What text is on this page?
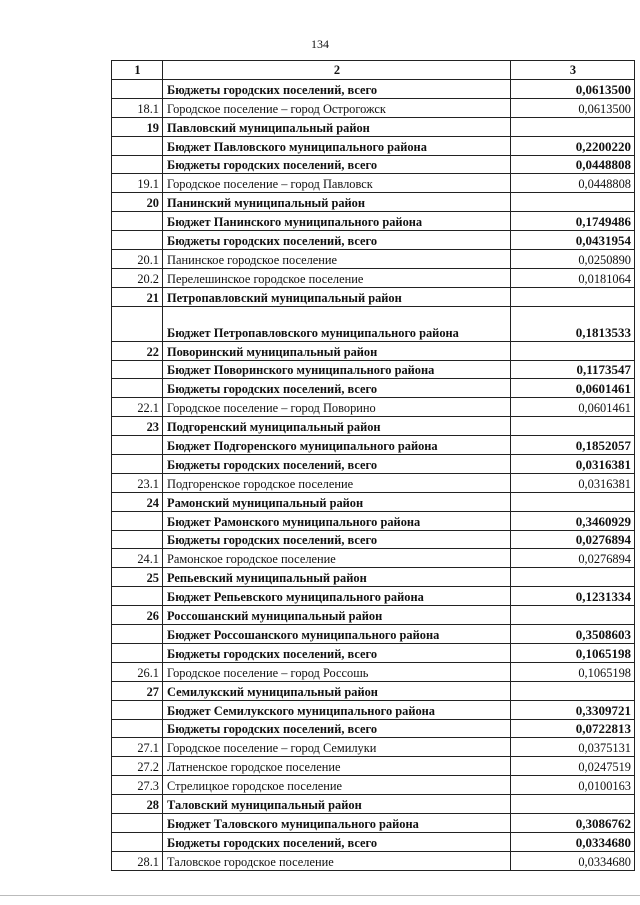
134
1	2	3
	Бюджеты городских поселений, всего	0,0613500
18.1	Городское поселение – город Острогожск	0,0613500
19	Павловский муниципальный район	
	Бюджет Павловского муниципального района	0,2200220
	Бюджеты городских поселений, всего	0,0448808
19.1	Городское поселение – город Павловск	0,0448808
20	Панинский муниципальный район	
	Бюджет Панинского муниципального района	0,1749486
	Бюджеты городских поселений, всего	0,0431954
20.1	Панинское городское поселение	0,0250890
20.2	Перелешинское городское поселение	0,0181064
21	Петропавловский муниципальный район	
	Бюджет Петропавловского муниципального района	0,1813533
22	Поворинский муниципальный район	
	Бюджет Поворинского муниципального района	0,1173547
	Бюджеты городских поселений, всего	0,0601461
22.1	Городское поселение – город Поворино	0,0601461
23	Подгоренский муниципальный район	
	Бюджет Подгоренского муниципального района	0,1852057
	Бюджеты городских поселений, всего	0,0316381
23.1	Подгоренское городское поселение	0,0316381
24	Рамонский муниципальный район	
	Бюджет Рамонского муниципального района	0,3460929
	Бюджеты городских поселений, всего	0,0276894
24.1	Рамонское городское поселение	0,0276894
25	Репьевский муниципальный район	
	Бюджет Репьевского муниципального района	0,1231334
26	Россошанский муниципальный район	
	Бюджет Россошанского муниципального района	0,3508603
	Бюджеты городских поселений, всего	0,1065198
26.1	Городское поселение – город Россошь	0,1065198
27	Семилукский муниципальный район	
	Бюджет Семилукского муниципального района	0,3309721
	Бюджеты городских поселений, всего	0,0722813
27.1	Городское поселение – город Семилуки	0,0375131
27.2	Латненское городское поселение	0,0247519
27.3	Стрелицкое городское поселение	0,0100163
28	Таловский муниципальный район	
	Бюджет Таловского муниципального района	0,3086762
	Бюджеты городских поселений, всего	0,0334680
28.1	Таловское городское поселение	0,0334680
